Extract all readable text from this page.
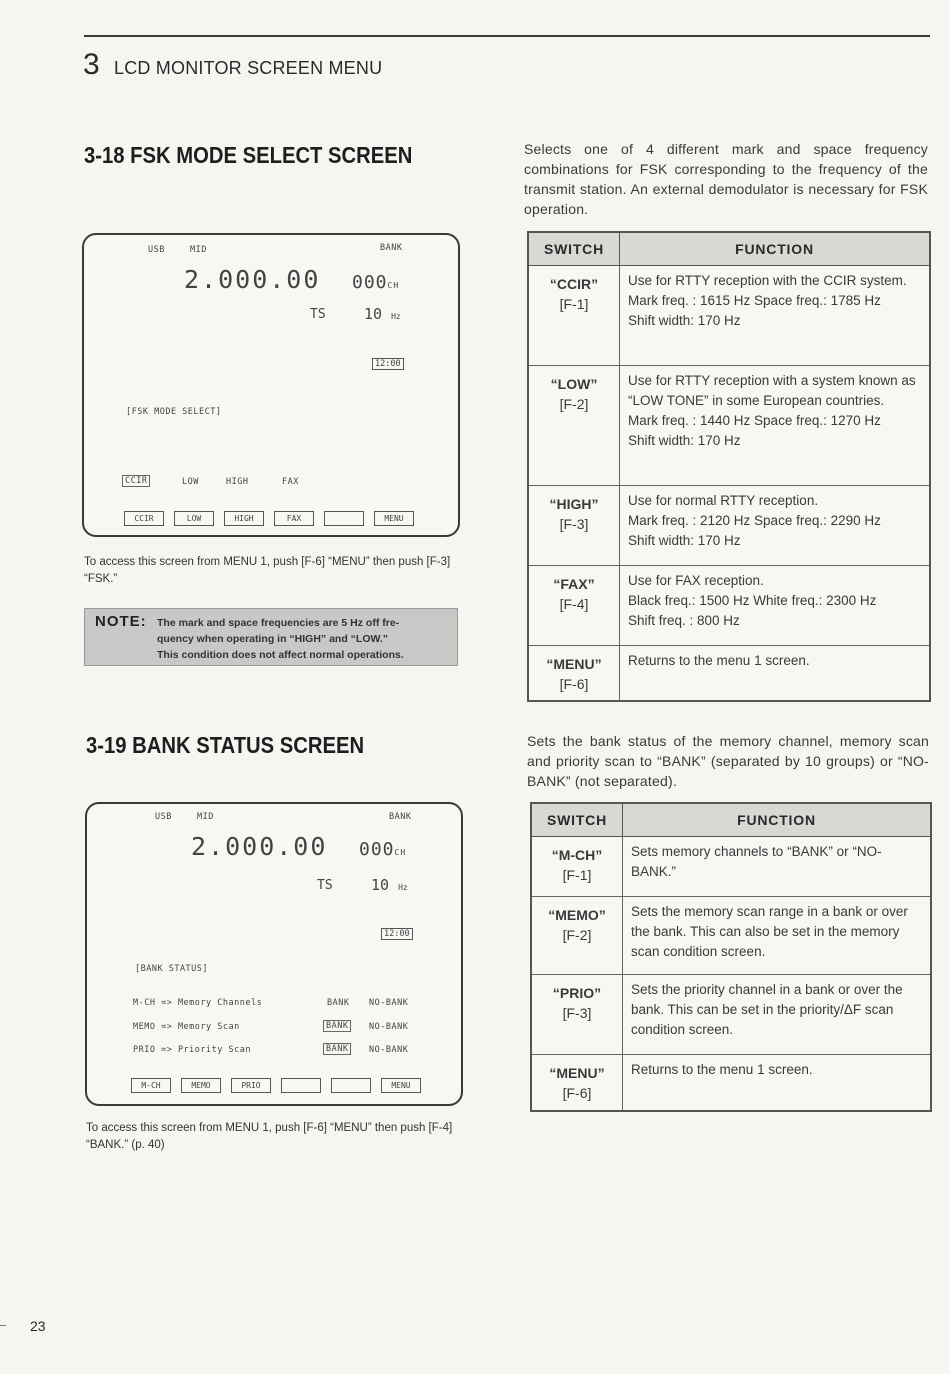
3 LCD MONITOR SCREEN MENU
3-18 FSK MODE SELECT SCREEN	Selects one of 4 different mark and space frequency combinations for FSK corresponding to the frequency of the transmit station. An external demodulator is necessary for FSK operation.
USB	MID	BANK
2.000.00 000CH
TS	10 Hz
12:00
[FSK MODE SELECT]
CCIR	LOW	HIGH	FAX
CCIR	LOW	HIGH	FAX	MENU
To access this screen from MENU 1, push [F-6] “MENU” then push [F-3] “FSK.”
NOTE: The mark and space frequencies are 5 Hz off fre-
quency when operating in “HIGH” and “LOW.”
This condition does not affect normal operations.
SWITCH	FUNCTION

“CCIR”
[F-1]	Use for RTTY reception with the CCIR system.
Mark freq. : 1615 Hz Space freq.: 1785 Hz
Shift width: 170 Hz

“LOW”
[F-2]	Use for RTTY reception with a system known as “LOW TONE” in some European countries.
Mark freq. : 1440 Hz Space freq.: 1270 Hz
Shift width: 170 Hz

“HIGH”
[F-3]	Use for normal RTTY reception.
Mark freq. : 2120 Hz Space freq.: 2290 Hz
Shift width: 170 Hz

“FAX”
[F-4]	Use for FAX reception.
Black freq.: 1500 Hz White freq.: 2300 Hz
Shift freq. : 800 Hz

“MENU”
[F-6]	Returns to the menu 1 screen.
3-19 BANK STATUS SCREEN	Sets the bank status of the memory channel, memory scan and priority scan to “BANK” (separated by 10 groups) or “NO-BANK” (not separated).
USB	MID	BANK
2.000.00 000CH
TS	10 Hz
12:00
[BANK STATUS]
M-CH => Memory Channels	BANK NO-BANK
MEMO => Memory Scan	BANK	NO-BANK
PRIO => Priority Scan	BANK	NO-BANK
M-CH	MEMO	PRIO	MENU
To access this screen from MENU 1, push [F-6] “MENU” then push [F-4] “BANK.” (p. 40)
SWITCH	FUNCTION

“M-CH”
[F-1]	Sets memory channels to “BANK” or “NO-BANK.”

“MEMO”
[F-2]	Sets the memory scan range in a bank or over the bank. This can also be set in the memory scan condition screen.

“PRIO”
[F-3]	Sets the priority channel in a bank or over the bank. This can be set in the priority/ΔF scan condition screen.

“MENU”
[F-6]	Returns to the menu 1 screen.
23
